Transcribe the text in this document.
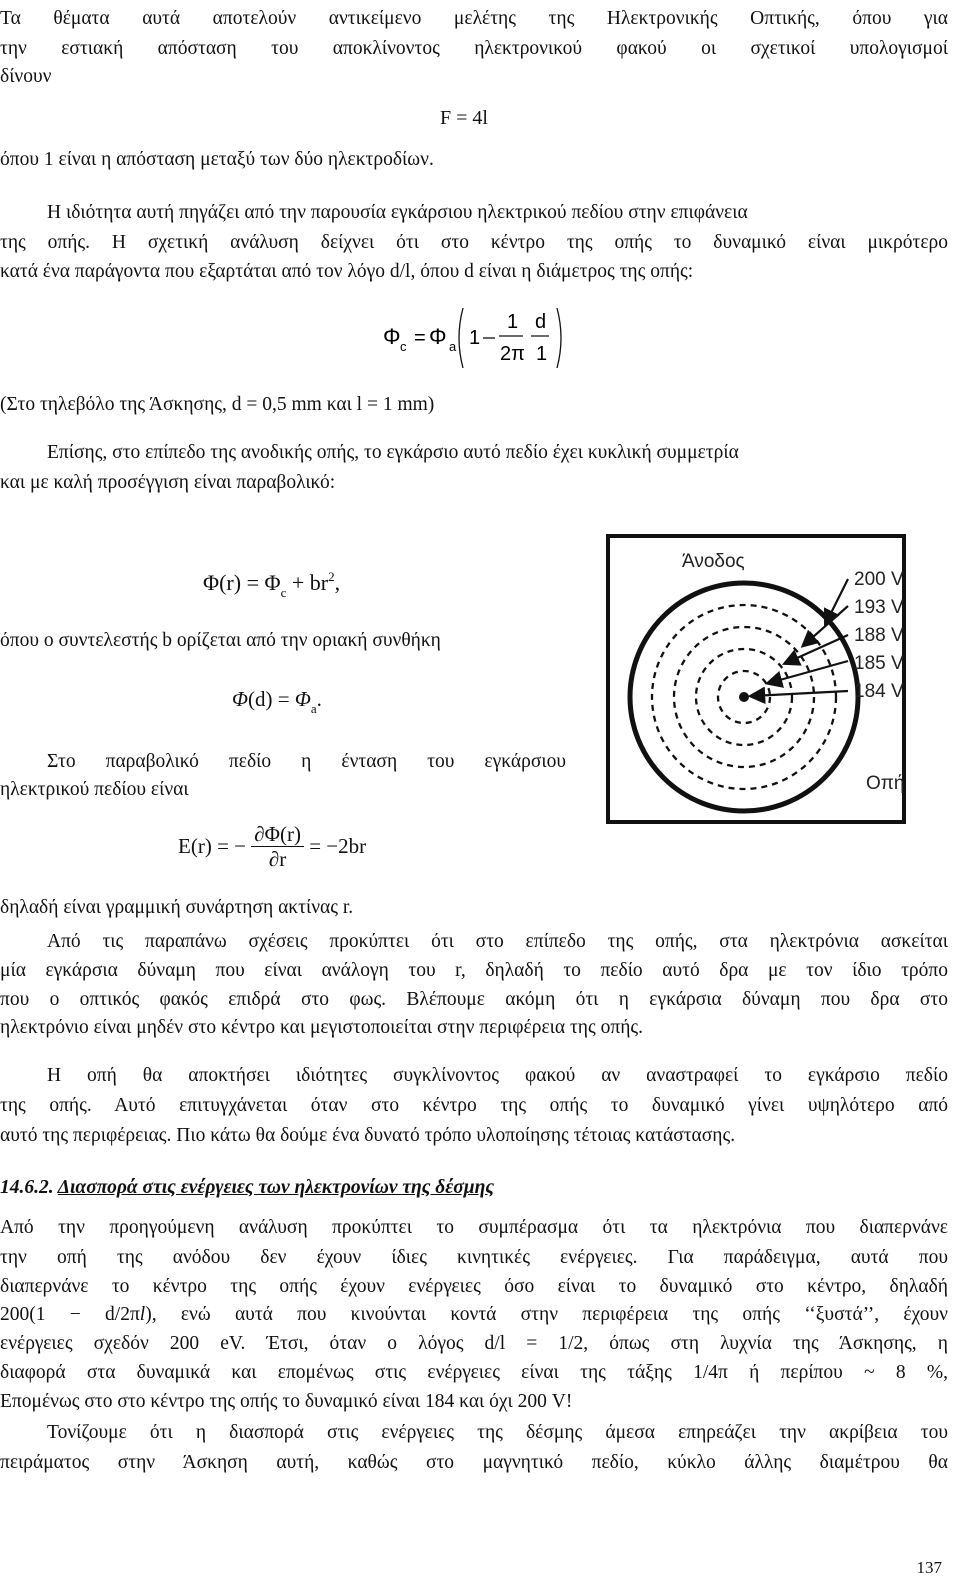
Τα θέματα αυτά αποτελούν αντικείμενο μελέτης της Ηλεκτρονικής Οπτικής, όπου για
την εστιακή απόσταση του αποκλίνοντος ηλεκτρονικού φακού οι σχετικοί υπολογισμοί
δίνουν
F = 4l
όπου 1 είναι η απόσταση μεταξύ των δύο ηλεκτροδίων.
Η ιδιότητα αυτή πηγάζει από την παρουσία εγκάρσιου ηλεκτρικού πεδίου στην επιφάνεια
της οπής. Η σχετική ανάλυση δείχνει ότι στο κέντρο της οπής το δυναμικό είναι μικρότερο
κατά ένα παράγοντα που εξαρτάται από τον λόγο d/l, όπου d είναι η διάμετρος της οπής:
Φ c = Φ a 1
1
2π
d
1
(Στο τηλεβόλο της Άσκησης, d = 0,5 mm και l = 1 mm)
Επίσης, στο επίπεδο της ανοδικής οπής, το εγκάρσιο αυτό πεδίο έχει κυκλική συμμετρία
και με καλή προσέγγιση είναι παραβολικό:
$\Phi(r) = \Phi_c + br^2$,
όπου ο συντελεστής b ορίζεται από την οριακή συνθήκη
$\Phi(d) = \Phi_a$.
Στο παραβολικό πεδίο η ένταση του εγκάρσιου
ηλεκτρικού πεδίου είναι
E(r) = − $\frac{\partial\Phi(r)}{\partial r} = -2br$
δηλαδή είναι γραμμική συνάρτηση ακτίνας r.
Άνοδος
200 V
193 V
188 V
185 V
184 V
Οπή
Από τις παραπάνω σχέσεις προκύπτει ότι στο επίπεδο της οπής, στα ηλεκτρόνια ασκείται
μία εγκάρσια δύναμη που είναι ανάλογη του r, δηλαδή το πεδίο αυτό δρα με τον ίδιο τρόπο
που ο οπτικός φακός επιδρά στο φως. Βλέπουμε ακόμη ότι η εγκάρσια δύναμη που δρα στο
ηλεκτρόνιο είναι μηδέν στο κέντρο και μεγιστοποιείται στην περιφέρεια της οπής.
Η οπή θα αποκτήσει ιδιότητες συγκλίνοντος φακού αν αναστραφεί το εγκάρσιο πεδίο
της οπής. Αυτό επιτυγχάνεται όταν στο κέντρο της οπής το δυναμικό γίνει υψηλότερο από
αυτό της περιφέρειας. Πιο κάτω θα δούμε ένα δυνατό τρόπο υλοποίησης τέτοιας κατάστασης.
14.6.2. Διασπορά στις ενέργειες των ηλεκτρονίων της δέσμης
Από την προηγούμενη ανάλυση προκύπτει το συμπέρασμα ότι τα ηλεκτρόνια που διαπερνάνε
την οπή της ανόδου δεν έχουν ίδιες κινητικές ενέργειες. Για παράδειγμα, αυτά που
διαπερνάνε το κέντρο της οπής έχουν ενέργειες όσο είναι το δυναμικό στο κέντρο, δηλαδή
200(1 − d/2πl), ενώ αυτά που κινούνται κοντά στην περιφέρεια της οπής ‘‘ξυστά’’, έχουν
ενέργειες σχεδόν 200 eV. Έτσι, όταν ο λόγος d/l = 1/2, όπως στη λυχνία της Άσκησης, η
διαφορά στα δυναμικά και επομένως στις ενέργειες είναι της τάξης 1/4π ή περίπου ~ 8 %,
Επομένως στο στο κέντρο της οπής το δυναμικό είναι 184 και όχι 200 V!
Τονίζουμε ότι η διασπορά στις ενέργειες της δέσμης άμεσα επηρεάζει την ακρίβεια του
πειράματος στην Άσκηση αυτή, καθώς στο μαγνητικό πεδίο, κύκλο άλλης διαμέτρου θα
137
